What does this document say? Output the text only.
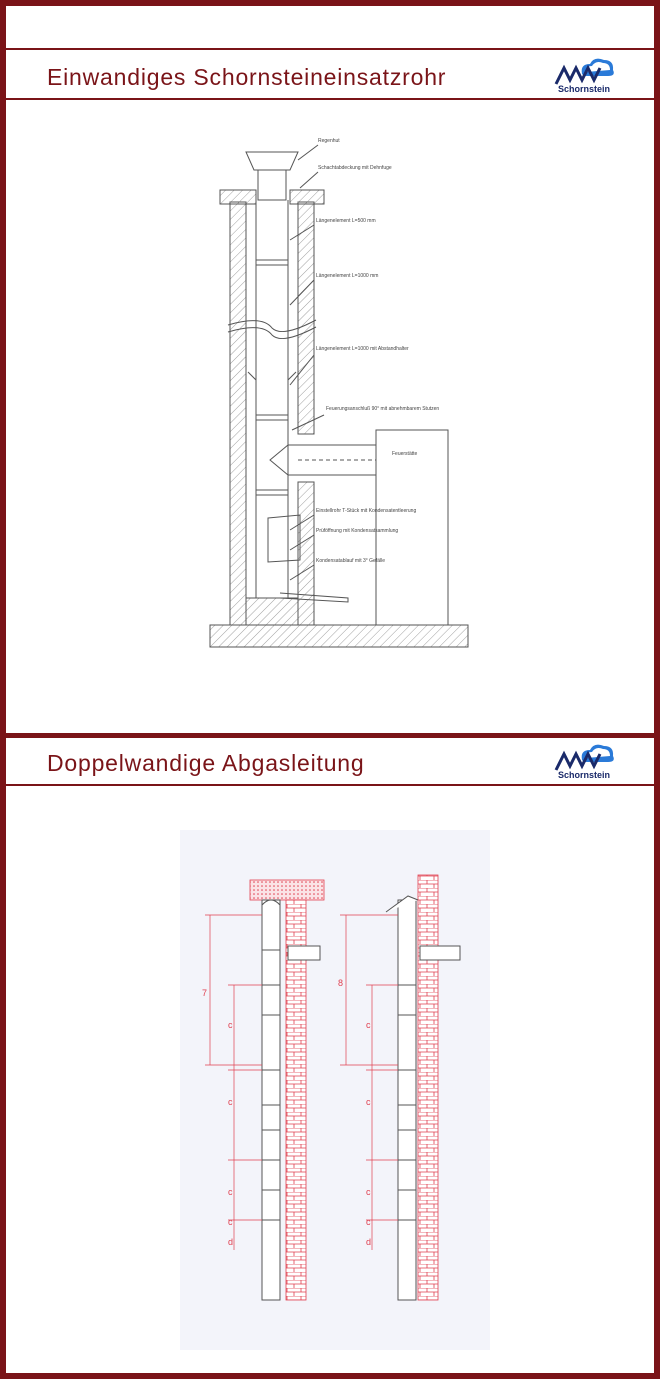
Einwandiges Schornsteineinsatzrohr	Schornstein
Regenhut
Schachtabdeckung mit Dehnfuge
Längenelement L=500 mm
Längenelement L=1000 mm
Längenelement L=1000 mit Abstandhalter
Feuerungsanschluß 90° mit abnehmbarem Stutzen
Feuerstätte
Einstellrohr T-Stück mit Kondensatentleerung
Prüföffnung mit Kondensatsammlung
Kondensatablauf mit 3° Gefälle
Doppelwandige Abgasleitung	Schornstein
7
c
c
c
c
d
8
c
c
c
c
d
